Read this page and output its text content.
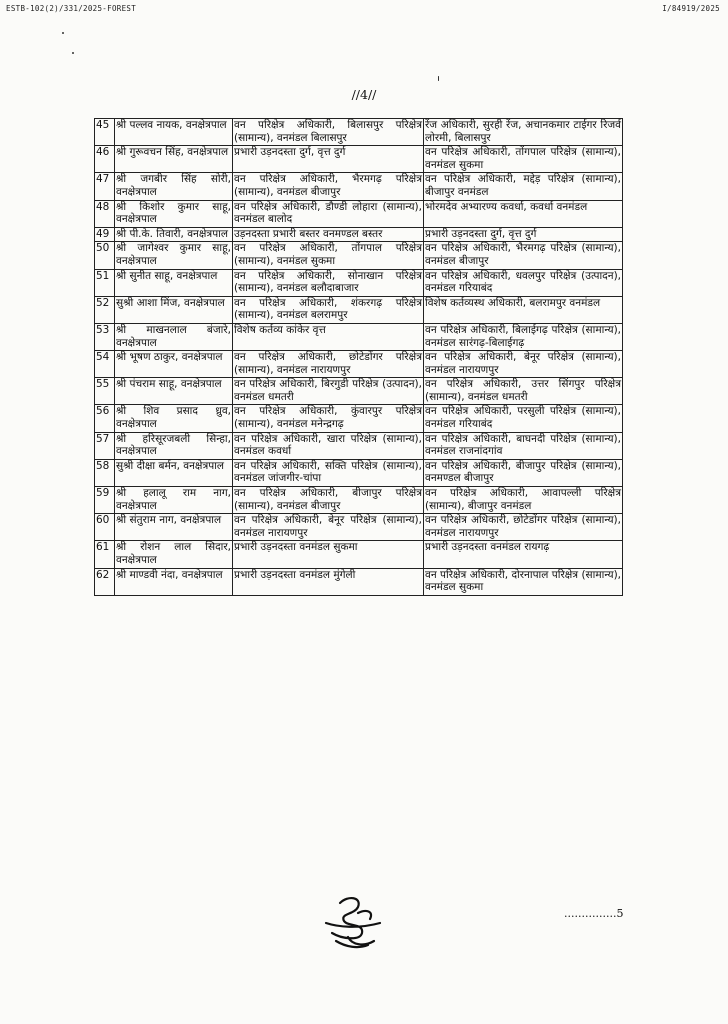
ESTB-102(2)/331/2025-FOREST	I/84919/2025
//4//
45	श्री पल्लव नायक, वनक्षेत्रपाल	वन परिक्षेत्र अधिकारी, बिलासपुर परिक्षेत्र (सामान्य), वनमंडल बिलासपुर	रेंज अधिकारी, सुरही रेंज, अचानकमार टाईगर रिजर्व लोरमी, बिलासपुर
46	श्री गुरूवचन सिंह, वनक्षेत्रपाल	प्रभारी उड़नदस्ता दुर्ग, वृत्त दुर्ग	वन परिक्षेत्र अधिकारी, तोंगपाल परिक्षेत्र (सामान्य), वनमंडल सुकमा
47	श्री जगबीर सिंह सोरी, वनक्षेत्रपाल	वन परिक्षेत्र अधिकारी, भैरमगढ़ परिक्षेत्र (सामान्य), वनमंडल बीजापुर	वन परिक्षेत्र अधिकारी, मद्देड़ परिक्षेत्र (सामान्य), बीजापुर वनमंडल
48	श्री किशोर कुमार साहू, वनक्षेत्रपाल	वन परिक्षेत्र अधिकारी, डौण्डी लोहारा (सामान्य), वनमंडल बालोद	भोरमदेव अभ्यारण्य कवर्धा, कवर्धा वनमंडल
49	श्री पी.के. तिवारी, वनक्षेत्रपाल	उड़नदस्ता प्रभारी बस्तर वनमण्डल बस्तर	प्रभारी उड़नदस्ता दुर्ग, वृत्त दुर्ग
50	श्री जागेश्वर कुमार साहू, वनक्षेत्रपाल	वन परिक्षेत्र अधिकारी, तोंगपाल परिक्षेत्र (सामान्य), वनमंडल सुकमा	वन परिक्षेत्र अधिकारी, भैरमगढ़ परिक्षेत्र (सामान्य), वनमंडल बीजापुर
51	श्री सुनीत साहू, वनक्षेत्रपाल	वन परिक्षेत्र अधिकारी, सोनाखान परिक्षेत्र (सामान्य), वनमंडल बलौदाबाजार	वन परिक्षेत्र अधिकारी, धवलपुर परिक्षेत्र (उत्पादन), वनमंडल गरियाबंद
52	सुश्री आशा मिंज, वनक्षेत्रपाल	वन परिक्षेत्र अधिकारी, शंकरगढ़ परिक्षेत्र (सामान्य), वनमंडल बलरामपुर	विशेष कर्तव्यस्थ अधिकारी, बलरामपुर वनमंडल
53	श्री माखनलाल बंजारे, वनक्षेत्रपाल	विशेष कर्तव्य कांकेर वृत्त	वन परिक्षेत्र अधिकारी, बिलाईगढ़ परिक्षेत्र (सामान्य), वनमंडल सारंगढ़-बिलाईगढ़
54	श्री भूषण ठाकुर, वनक्षेत्रपाल	वन परिक्षेत्र अधिकारी, छोटेडोंगर परिक्षेत्र (सामान्य), वनमंडल नारायणपुर	वन परिक्षेत्र अधिकारी, बेनूर परिक्षेत्र (सामान्य), वनमंडल नारायणपुर
55	श्री पंचराम साहू, वनक्षेत्रपाल	वन परिक्षेत्र अधिकारी, बिरगुडी परिक्षेत्र (उत्पादन), वनमंडल धमतरी	वन परिक्षेत्र अधिकारी, उत्तर सिंगपुर परिक्षेत्र (सामान्य), वनमंडल धमतरी
56	श्री शिव प्रसाद ध्रुव, वनक्षेत्रपाल	वन परिक्षेत्र अधिकारी, कुंवारपुर परिक्षेत्र (सामान्य), वनमंडल मनेन्द्रगढ़	वन परिक्षेत्र अधिकारी, परसुली परिक्षेत्र (सामान्य), वनमंडल गरियाबंद
57	श्री हरिसूरजबली सिन्हा, वनक्षेत्रपाल	वन परिक्षेत्र अधिकारी, खारा परिक्षेत्र (सामान्य), वनमंडल कवर्धा	वन परिक्षेत्र अधिकारी, बाघनदी परिक्षेत्र (सामान्य), वनमंडल राजनांदगांव
58	सुश्री दीक्षा बर्मन, वनक्षेत्रपाल	वन परिक्षेत्र अधिकारी, सक्ति परिक्षेत्र (सामान्य), वनमंडल जांजगीर-चांपा	वन परिक्षेत्र अधिकारी, बीजापुर परिक्षेत्र (सामान्य), वनमण्डल बीजापुर
59	श्री हलालू राम नाग, वनक्षेत्रपाल	वन परिक्षेत्र अधिकारी, बीजापुर परिक्षेत्र (सामान्य), वनमंडल बीजापुर	वन परिक्षेत्र अधिकारी, आवापल्ली परिक्षेत्र (सामान्य), बीजापुर वनमंडल
60	श्री संतुराम नाग, वनक्षेत्रपाल	वन परिक्षेत्र अधिकारी, बेनूर परिक्षेत्र (सामान्य), वनमंडल नारायणपुर	वन परिक्षेत्र अधिकारी, छोटेडोंगर परिक्षेत्र (सामान्य), वनमंडल नारायणपुर
61	श्री रोशन लाल सिदार, वनक्षेत्रपाल	प्रभारी उड़नदस्ता वनमंडल सुकमा	प्रभारी उड़नदस्ता वनमंडल रायगढ़
62	श्री माण्डवी नंदा, वनक्षेत्रपाल	प्रभारी उड़नदस्ता वनमंडल मुंगेली	वन परिक्षेत्र अधिकारी, दोरनापाल परिक्षेत्र (सामान्य), वनमंडल सुकमा
...............5
